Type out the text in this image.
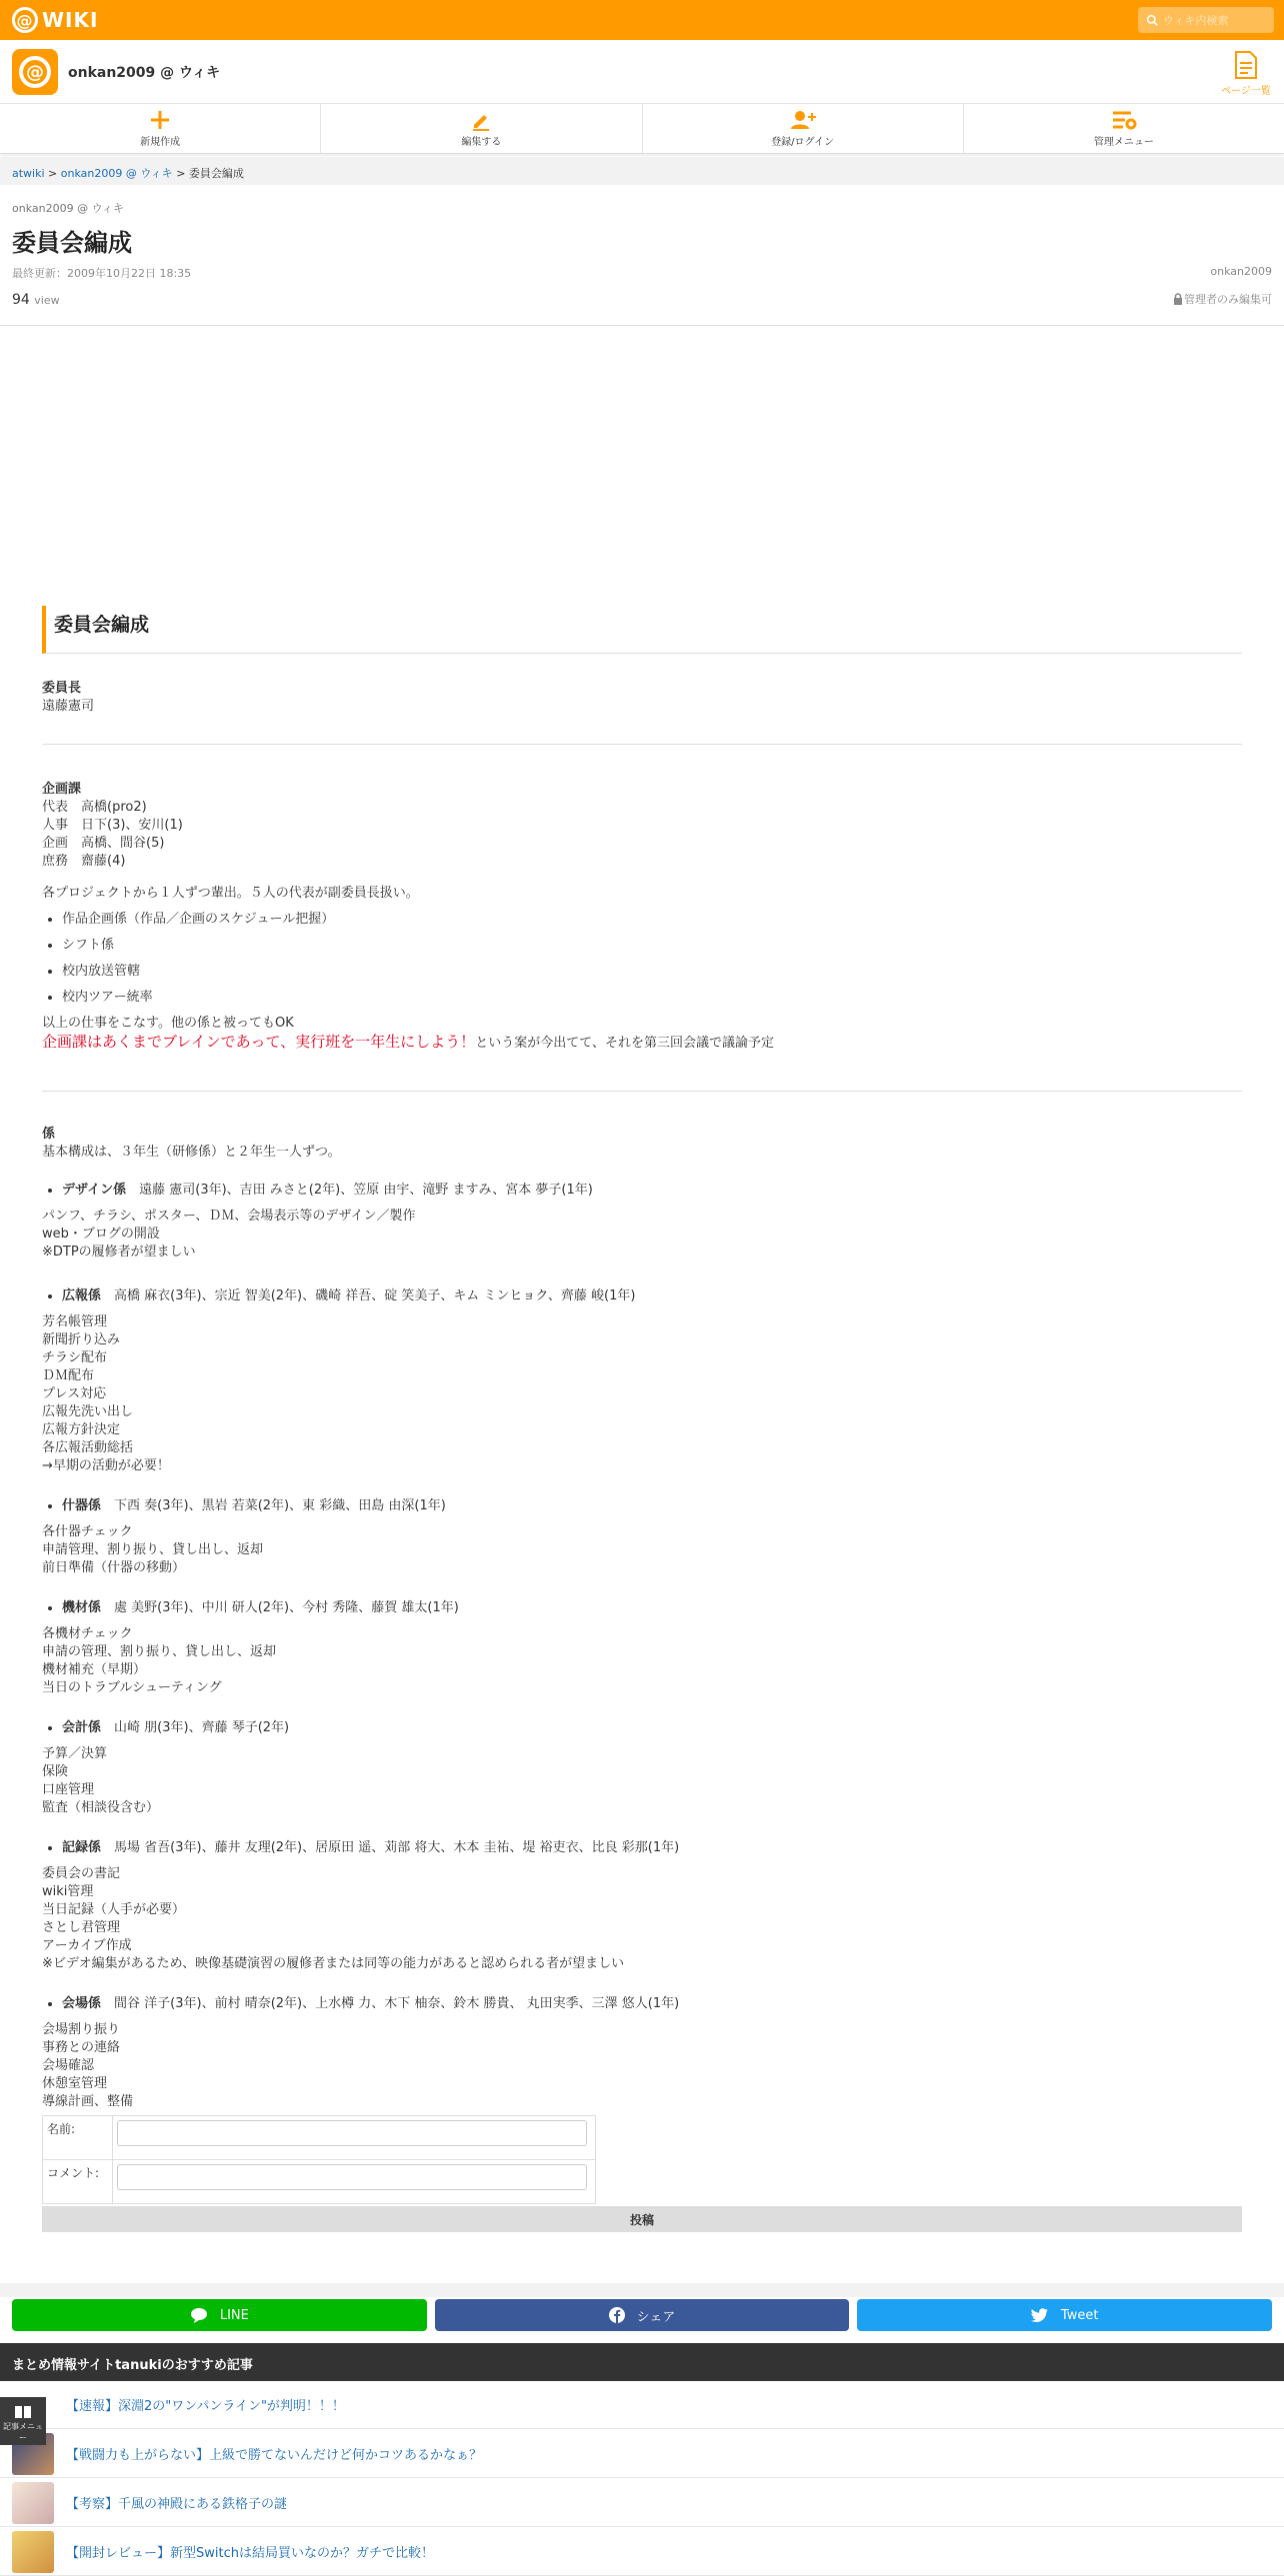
@ WIKI
ウィキ内検索
@	onkan2009 @ ウィキ
ページ一覧
新規作成	編集する	登録/ログイン	管理メニュー
atwiki > onkan2009 @ ウィキ > 委員会編成
onkan2009 @ ウィキ
委員会編成
最終更新：2009年10月22日 18:35	onkan2009
94 view	管理者のみ編集可
委員会編成
委員長
遠藤憲司
企画課
代表　高橋(pro2)
人事　日下(3)、安川(1)
企画　高橋、間谷(5)
庶務　齋藤(4)
各プロジェクトから１人ずつ輩出。５人の代表が副委員長扱い。
• 作品企画係（作品／企画のスケジュール把握）
• シフト係
• 校内放送管轄
• 校内ツアー統率
以上の仕事をこなす。他の係と被ってもOK
企画課はあくまでブレインであって、実行班を一年生にしよう！という案が今出てて、それを第三回会議で議論予定
係
基本構成は、３年生（研修係）と２年生一人ずつ。
• デザイン係　 遠藤 憲司(3年)、吉田 みさと(2年)、笠原 由宇、滝野 ますみ、宮本 夢子(1年)
パンフ、チラシ、ポスター、ＤＭ、会場表示等のデザイン／製作
web・ブログの開設
※DTPの履修者が望ましい
• 広報係　 高橋 麻衣(3年)、宗近 智美(2年)、磯崎 祥吾、碇 笑美子、キム ミンヒョク、齊藤 峻(1年)
芳名帳管理
新聞折り込み
チラシ配布
ＤＭ配布
プレス対応
広報先洗い出し
広報方針決定
各広報活動総括
→早期の活動が必要！
• 什器係　 下西 奏(3年)、黒岩 若菜(2年)、東 彩織、田島 由深(1年)
各什器チェック
申請管理、割り振り、貸し出し、返却
前日準備（什器の移動）
• 機材係　 處 美野(3年)、中川 研人(2年)、今村 秀隆、藤賀 雄太(1年)
各機材チェック
申請の管理、割り振り、貸し出し、返却
機材補充（早期）
当日のトラブルシューティング
• 会計係　 山崎 朋(3年)、齊藤 琴子(2年)
予算／決算
保険
口座管理
監査（相談役含む）
• 記録係　 馬場 省吾(3年)、藤井 友理(2年)、居原田 遥、苅部 将大、木本 圭祐、堤 裕吏衣、比良 彩那(1年)
委員会の書記
wiki管理
当日記録（人手が必要）
さとし君管理
アーカイブ作成
※ビデオ編集があるため、映像基礎演習の履修者または同等の能力があると認められる者が望ましい
• 会場係　 間谷 洋子(3年)、前村 晴奈(2年)、上水樽 力、木下 柚奈、鈴木 勝貴、 丸田実季、三澤 悠人(1年)
会場割り振り
事務との連絡
会場確認
休憩室管理
導線計画、整備
名前:	
コメント:	
投稿
LINE	シェア	Tweet
まとめ情報サイトtanukiのおすすめ記事
【速報】深淵2の"ワンパンライン"が判明！！！
【戦闘力も上がらない】上級で勝てないんだけど何かコツあるかなぁ？
【考察】千風の神殿にある鉄格子の謎
【開封レビュー】新型Switchは結局買いなのか？ガチで比較！

記事メニュー
